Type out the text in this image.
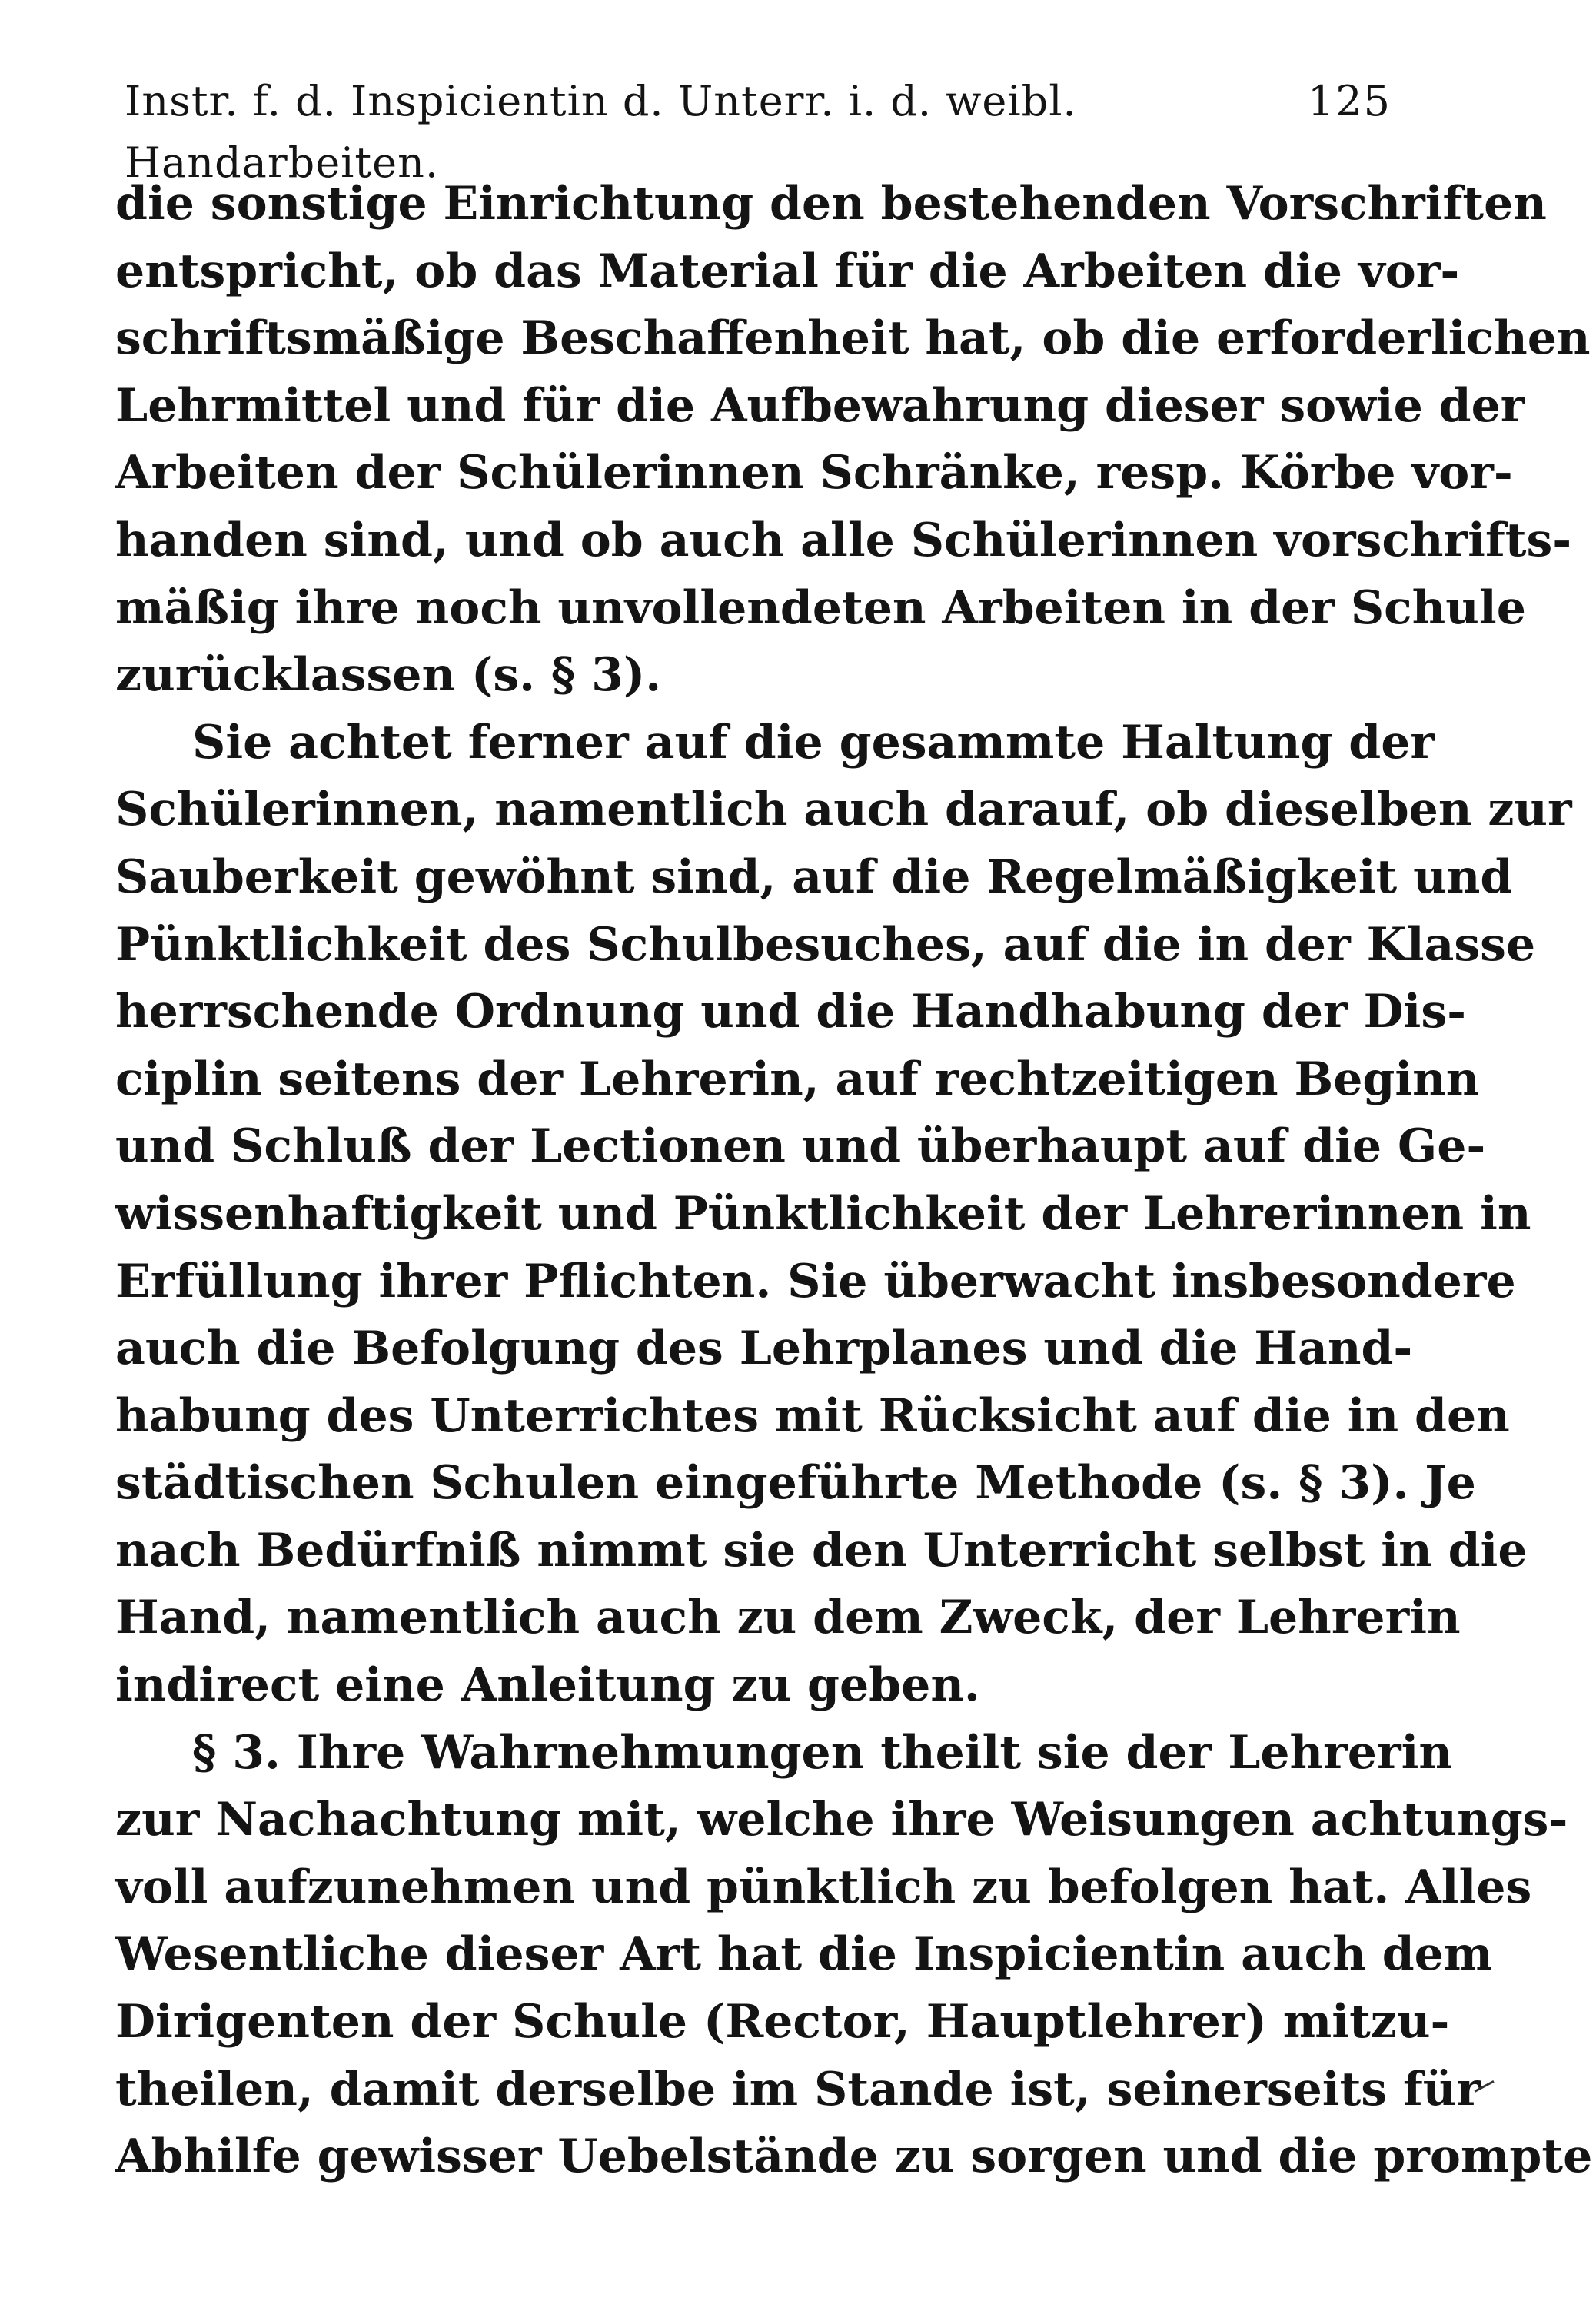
Instr. f. d. Inspicientin d. Unterr. i. d. weibl. Handarbeiten.
125
die sonstige Einrichtung den bestehenden Vorschriften
entspricht, ob das Material für die Arbeiten die vor-
schriftsmäßige Beschaffenheit hat, ob die erforderlichen
Lehrmittel und für die Aufbewahrung dieser sowie der
Arbeiten der Schülerinnen Schränke, resp. Körbe vor-
handen sind, und ob auch alle Schülerinnen vorschrifts-
mäßig ihre noch unvollendeten Arbeiten in der Schule
zurücklassen (s. § 3).
Sie achtet ferner auf die gesammte Haltung der
Schülerinnen, namentlich auch darauf, ob dieselben zur
Sauberkeit gewöhnt sind, auf die Regelmäßigkeit und
Pünktlichkeit des Schulbesuches, auf die in der Klasse
herrschende Ordnung und die Handhabung der Dis-
ciplin seitens der Lehrerin, auf rechtzeitigen Beginn
und Schluß der Lectionen und überhaupt auf die Ge-
wissenhaftigkeit und Pünktlichkeit der Lehrerinnen in
Erfüllung ihrer Pflichten. Sie überwacht insbesondere
auch die Befolgung des Lehrplanes und die Hand-
habung des Unterrichtes mit Rücksicht auf die in den
städtischen Schulen eingeführte Methode (s. § 3). Je
nach Bedürfniß nimmt sie den Unterricht selbst in die
Hand, namentlich auch zu dem Zweck, der Lehrerin
indirect eine Anleitung zu geben.
§ 3. Ihre Wahrnehmungen theilt sie der Lehrerin
zur Nachachtung mit, welche ihre Weisungen achtungs-
voll aufzunehmen und pünktlich zu befolgen hat. Alles
Wesentliche dieser Art hat die Inspicientin auch dem
Dirigenten der Schule (Rector, Hauptlehrer) mitzu-
theilen, damit derselbe im Stande ist, seinerseits für
Abhilfe gewisser Uebelstände zu sorgen und die prompte
